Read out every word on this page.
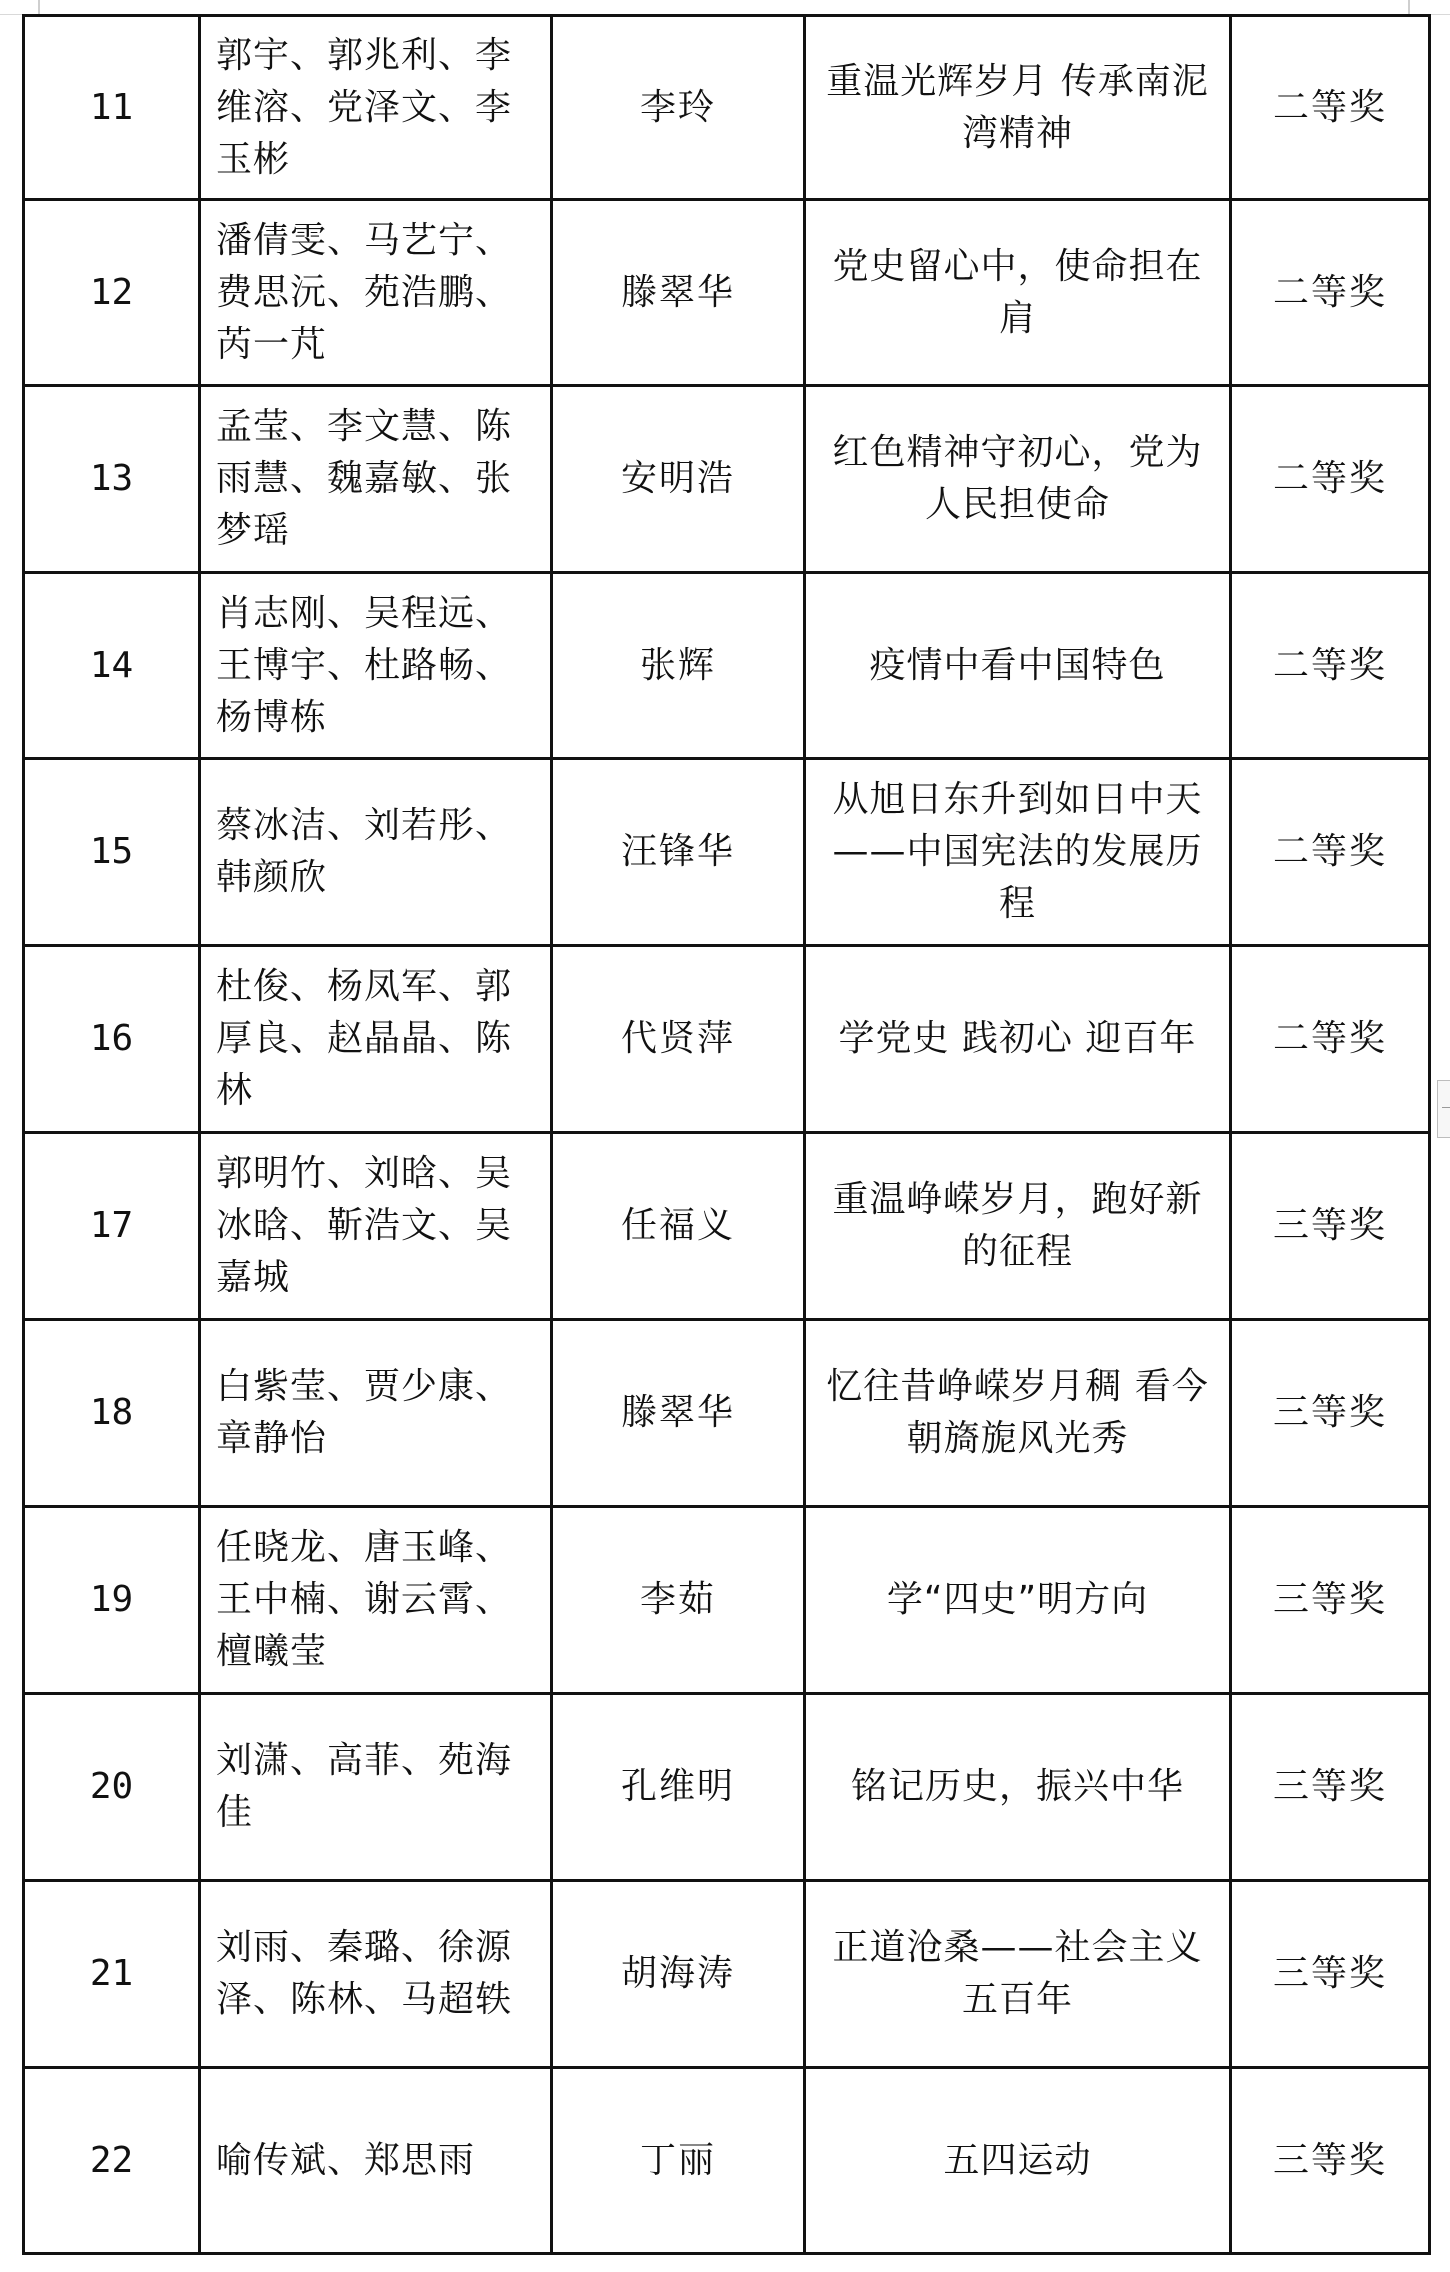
11	郭宇、郭兆利、李维溶、党泽文、李玉彬	李玲	重温光辉岁月 传承南泥湾精神	二等奖
12	潘倩雯、马艺宁、费思沅、苑浩鹏、芮一芃	滕翠华	党史留心中，使命担在肩	二等奖
13	孟莹、李文慧、陈雨慧、魏嘉敏、张梦瑶	安明浩	红色精神守初心，党为人民担使命	二等奖
14	肖志刚、吴程远、王博宇、杜路畅、杨博栋	张辉	疫情中看中国特色	二等奖
15	蔡冰洁、刘若彤、韩颜欣	汪锋华	从旭日东升到如日中天——中国宪法的发展历程	二等奖
16	杜俊、杨凤军、郭厚良、赵晶晶、陈林	代贤萍	学党史 践初心 迎百年	二等奖
17	郭明竹、刘晗、吴冰晗、靳浩文、吴嘉城	任福义	重温峥嵘岁月，跑好新的征程	三等奖
18	白紫莹、贾少康、章静怡	滕翠华	忆往昔峥嵘岁月稠 看今朝旖旎风光秀	三等奖
19	任晓龙、唐玉峰、王中楠、谢云霄、檀曦莹	李茹	学“四史”明方向	三等奖
20	刘潇、高菲、苑海佳	孔维明	铭记历史，振兴中华	三等奖
21	刘雨、秦璐、徐源泽、陈林、马超轶	胡海涛	正道沧桑——社会主义五百年	三等奖
22	喻传斌、郑思雨	丁丽	五四运动	三等奖
